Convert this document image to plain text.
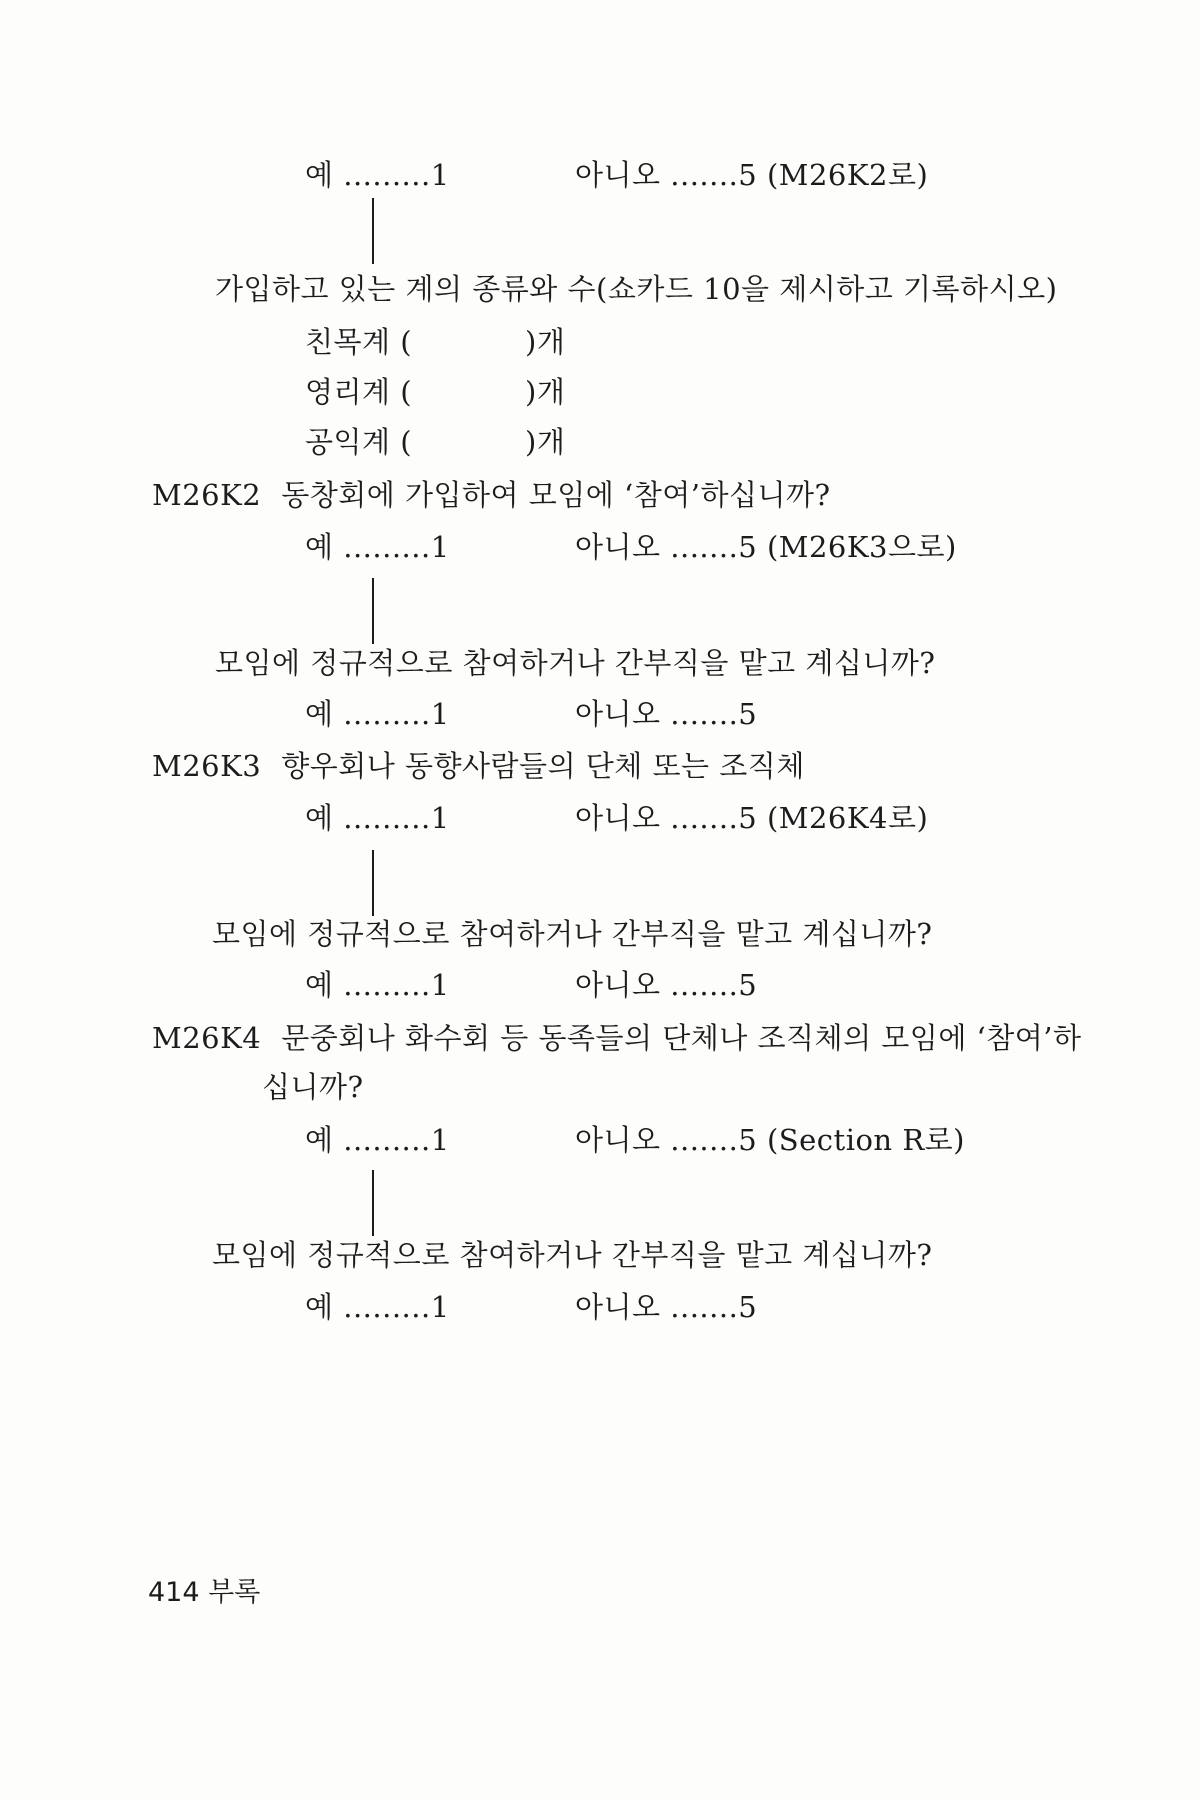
예 .........1	아니오 .......5 (M26K2로)
가입하고 있는 계의 종류와 수(쇼카드 10을 제시하고 기록하시오)
친목계 (	)개
영리계 (	)개
공익계 (	)개
M26K2 동창회에 가입하여 모임에 ‘참여’하십니까?
예 .........1	아니오 .......5 (M26K3으로)
모임에 정규적으로 참여하거나 간부직을 맡고 계십니까?
예 .........1	아니오 .......5
M26K3 향우회나 동향사람들의 단체 또는 조직체
예 .........1	아니오 .......5 (M26K4로)
모임에 정규적으로 참여하거나 간부직을 맡고 계십니까?
예 .........1	아니오 .......5
M26K4 문중회나 화수회 등 동족들의 단체나 조직체의 모임에 ‘참여’하
십니까?
예 .........1	아니오 .......5 (Section R로)
모임에 정규적으로 참여하거나 간부직을 맡고 계십니까?
예 .........1	아니오 .......5
414 부록
